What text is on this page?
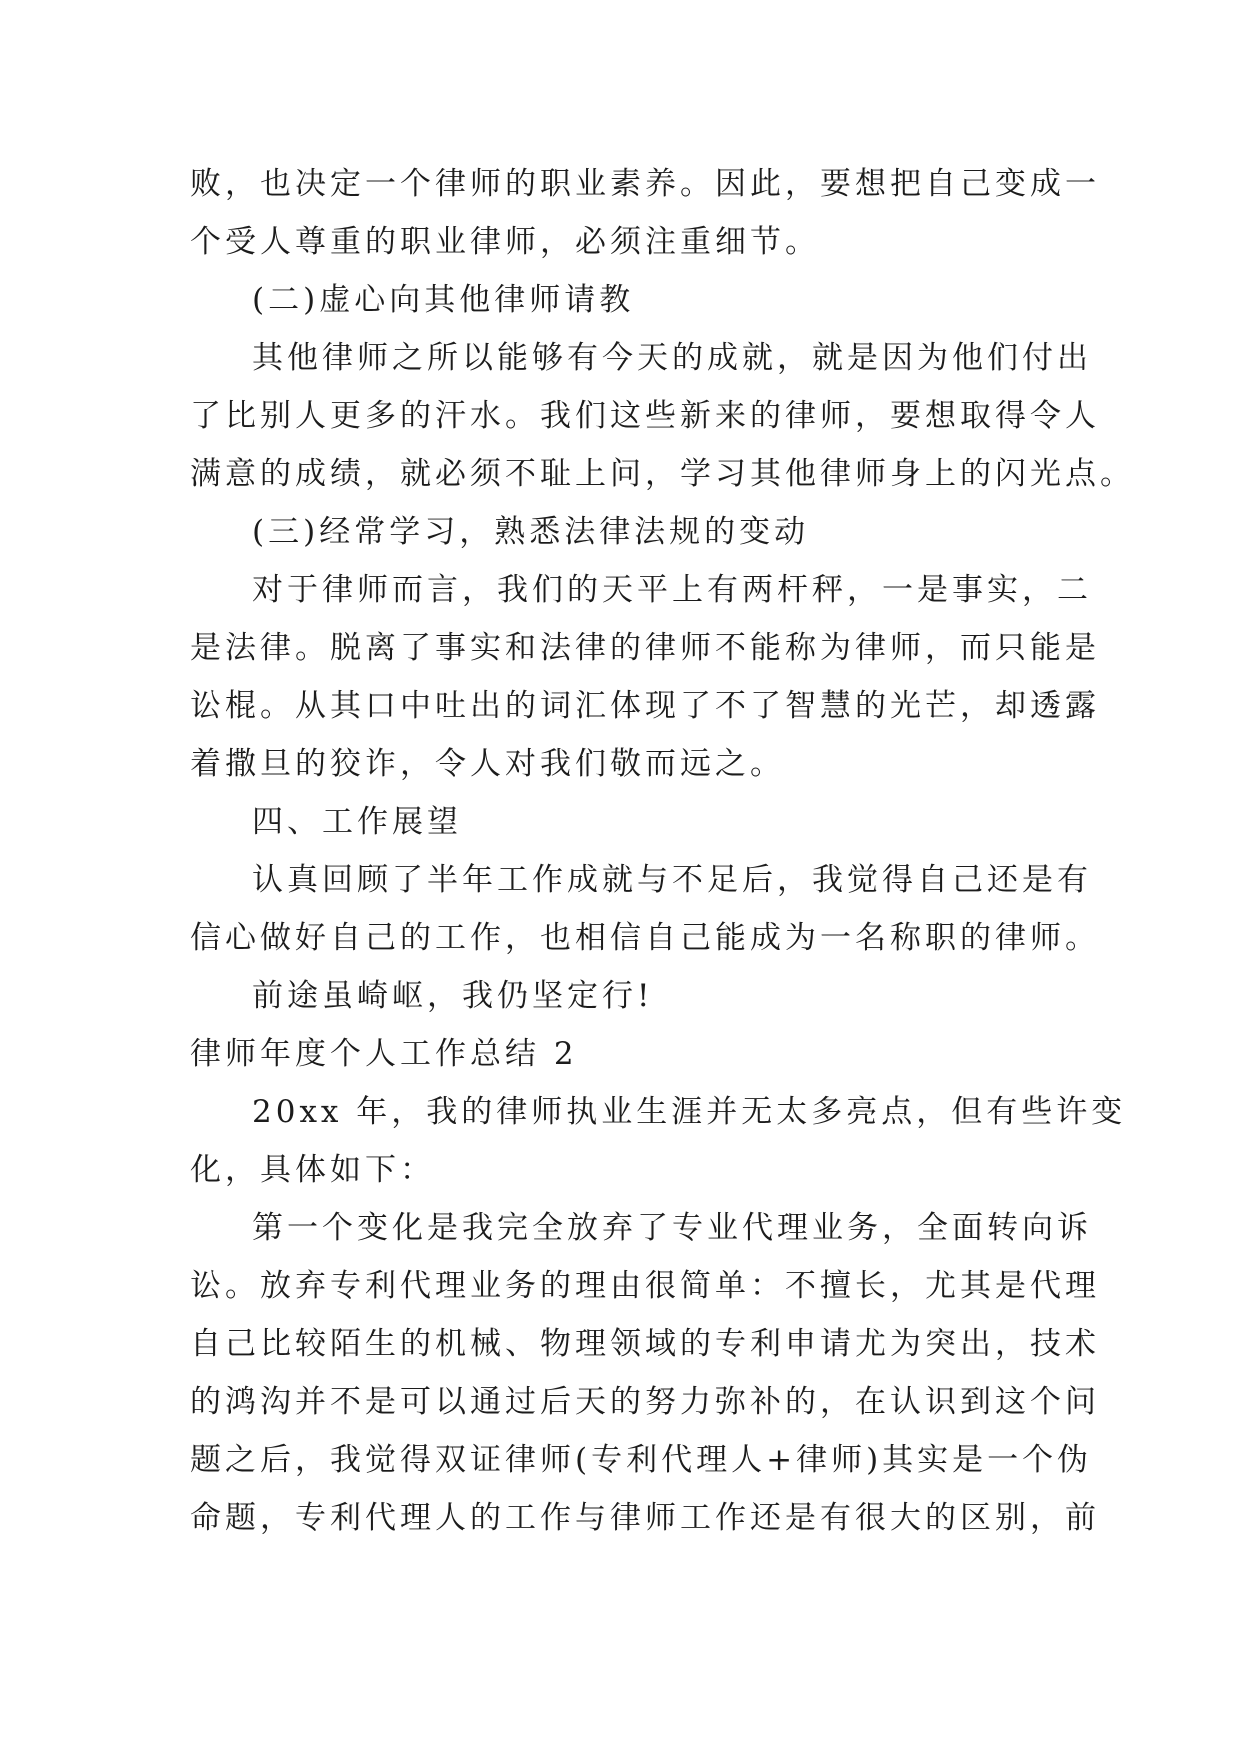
败，也决定一个律师的职业素养。因此，要想把自己变成一
个受人尊重的职业律师，必须注重细节。
(二)虚心向其他律师请教
其他律师之所以能够有今天的成就，就是因为他们付出
了比别人更多的汗水。我们这些新来的律师，要想取得令人
满意的成绩，就必须不耻上问，学习其他律师身上的闪光点。
(三)经常学习，熟悉法律法规的变动
对于律师而言，我们的天平上有两杆秤，一是事实，二
是法律。脱离了事实和法律的律师不能称为律师，而只能是
讼棍。从其口中吐出的词汇体现了不了智慧的光芒，却透露
着撒旦的狡诈，令人对我们敬而远之。
四、工作展望
认真回顾了半年工作成就与不足后，我觉得自己还是有
信心做好自己的工作，也相信自己能成为一名称职的律师。
前途虽崎岖，我仍坚定行!
律师年度个人工作总结 2
20xx 年，我的律师执业生涯并无太多亮点，但有些许变
化，具体如下：
第一个变化是我完全放弃了专业代理业务，全面转向诉
讼。放弃专利代理业务的理由很简单：不擅长，尤其是代理
自己比较陌生的机械、物理领域的专利申请尤为突出，技术
的鸿沟并不是可以通过后天的努力弥补的，在认识到这个问
题之后，我觉得双证律师(专利代理人+律师)其实是一个伪
命题，专利代理人的工作与律师工作还是有很大的区别，前
